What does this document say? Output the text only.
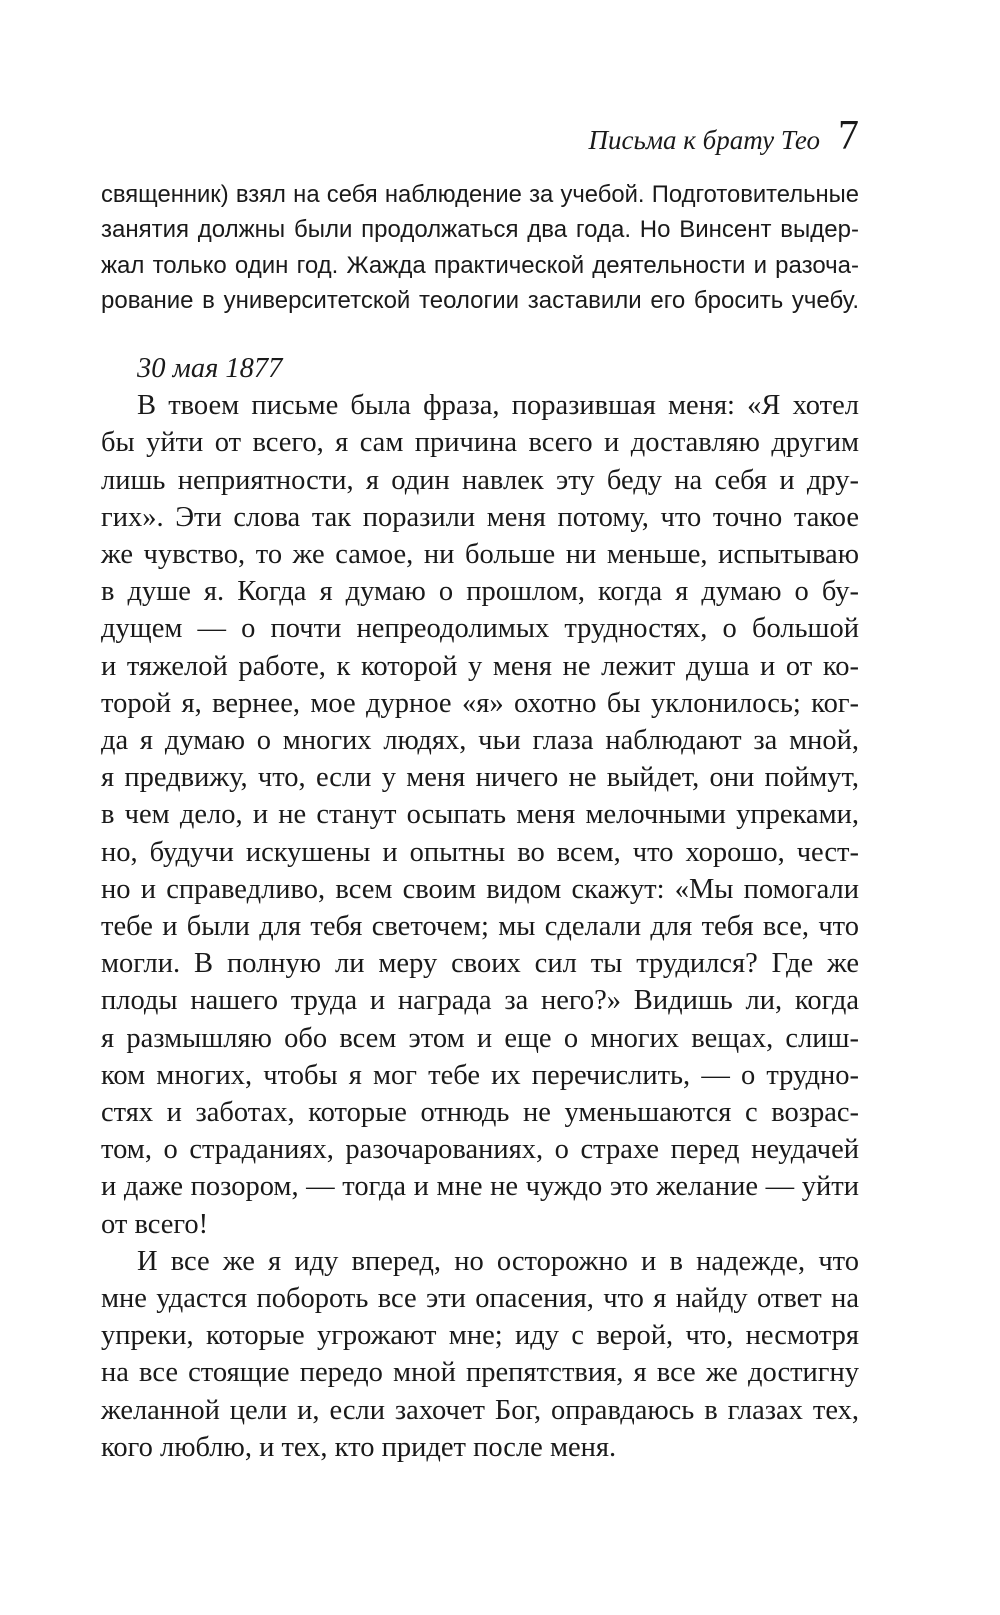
Письма к брату Тео 7
священник) взял на себя наблюдение за учебой. Подготовительные
занятия должны были продолжаться два года. Но Винсент выдер-
жал только один год. Жажда практической деятельности и разоча-
рование в университетской теологии заставили его бросить учебу.
30 мая 1877

В твоем письме была фраза, поразившая меня: «Я хотел
бы уйти от всего, я сам причина всего и доставляю другим
лишь неприятности, я один навлек эту беду на себя и дру-
гих». Эти слова так поразили меня потому, что точно такое
же чувство, то же самое, ни больше ни меньше, испытываю
в душе я. Когда я думаю о прошлом, когда я думаю о бу-
дущем — о почти непреодолимых трудностях, о большой
и тяжелой работе, к которой у меня не лежит душа и от ко-
торой я, вернее, мое дурное «я» охотно бы уклонилось; ког-
да я думаю о многих людях, чьи глаза наблюдают за мной,
я предвижу, что, если у меня ничего не выйдет, они поймут,
в чем дело, и не станут осыпать меня мелочными упреками,
но, будучи искушены и опытны во всем, что хорошо, чест-
но и справедливо, всем своим видом скажут: «Мы помогали
тебе и были для тебя светочем; мы сделали для тебя все, что
могли. В полную ли меру своих сил ты трудился? Где же
плоды нашего труда и награда за него?» Видишь ли, когда
я размышляю обо всем этом и еще о многих вещах, слиш-
ком многих, чтобы я мог тебе их перечислить, — о трудно-
стях и заботах, которые отнюдь не уменьшаются с возрас-
том, о страданиях, разочарованиях, о страхе перед неудачей
и даже позором, — тогда и мне не чуждо это желание — уйти
от всего!

И все же я иду вперед, но осторожно и в надежде, что
мне удастся побороть все эти опасения, что я найду ответ на
упреки, которые угрожают мне; иду с верой, что, несмотря
на все стоящие передо мной препятствия, я все же достигну
желанной цели и, если захочет Бог, оправдаюсь в глазах тех,
кого люблю, и тех, кто придет после меня.
